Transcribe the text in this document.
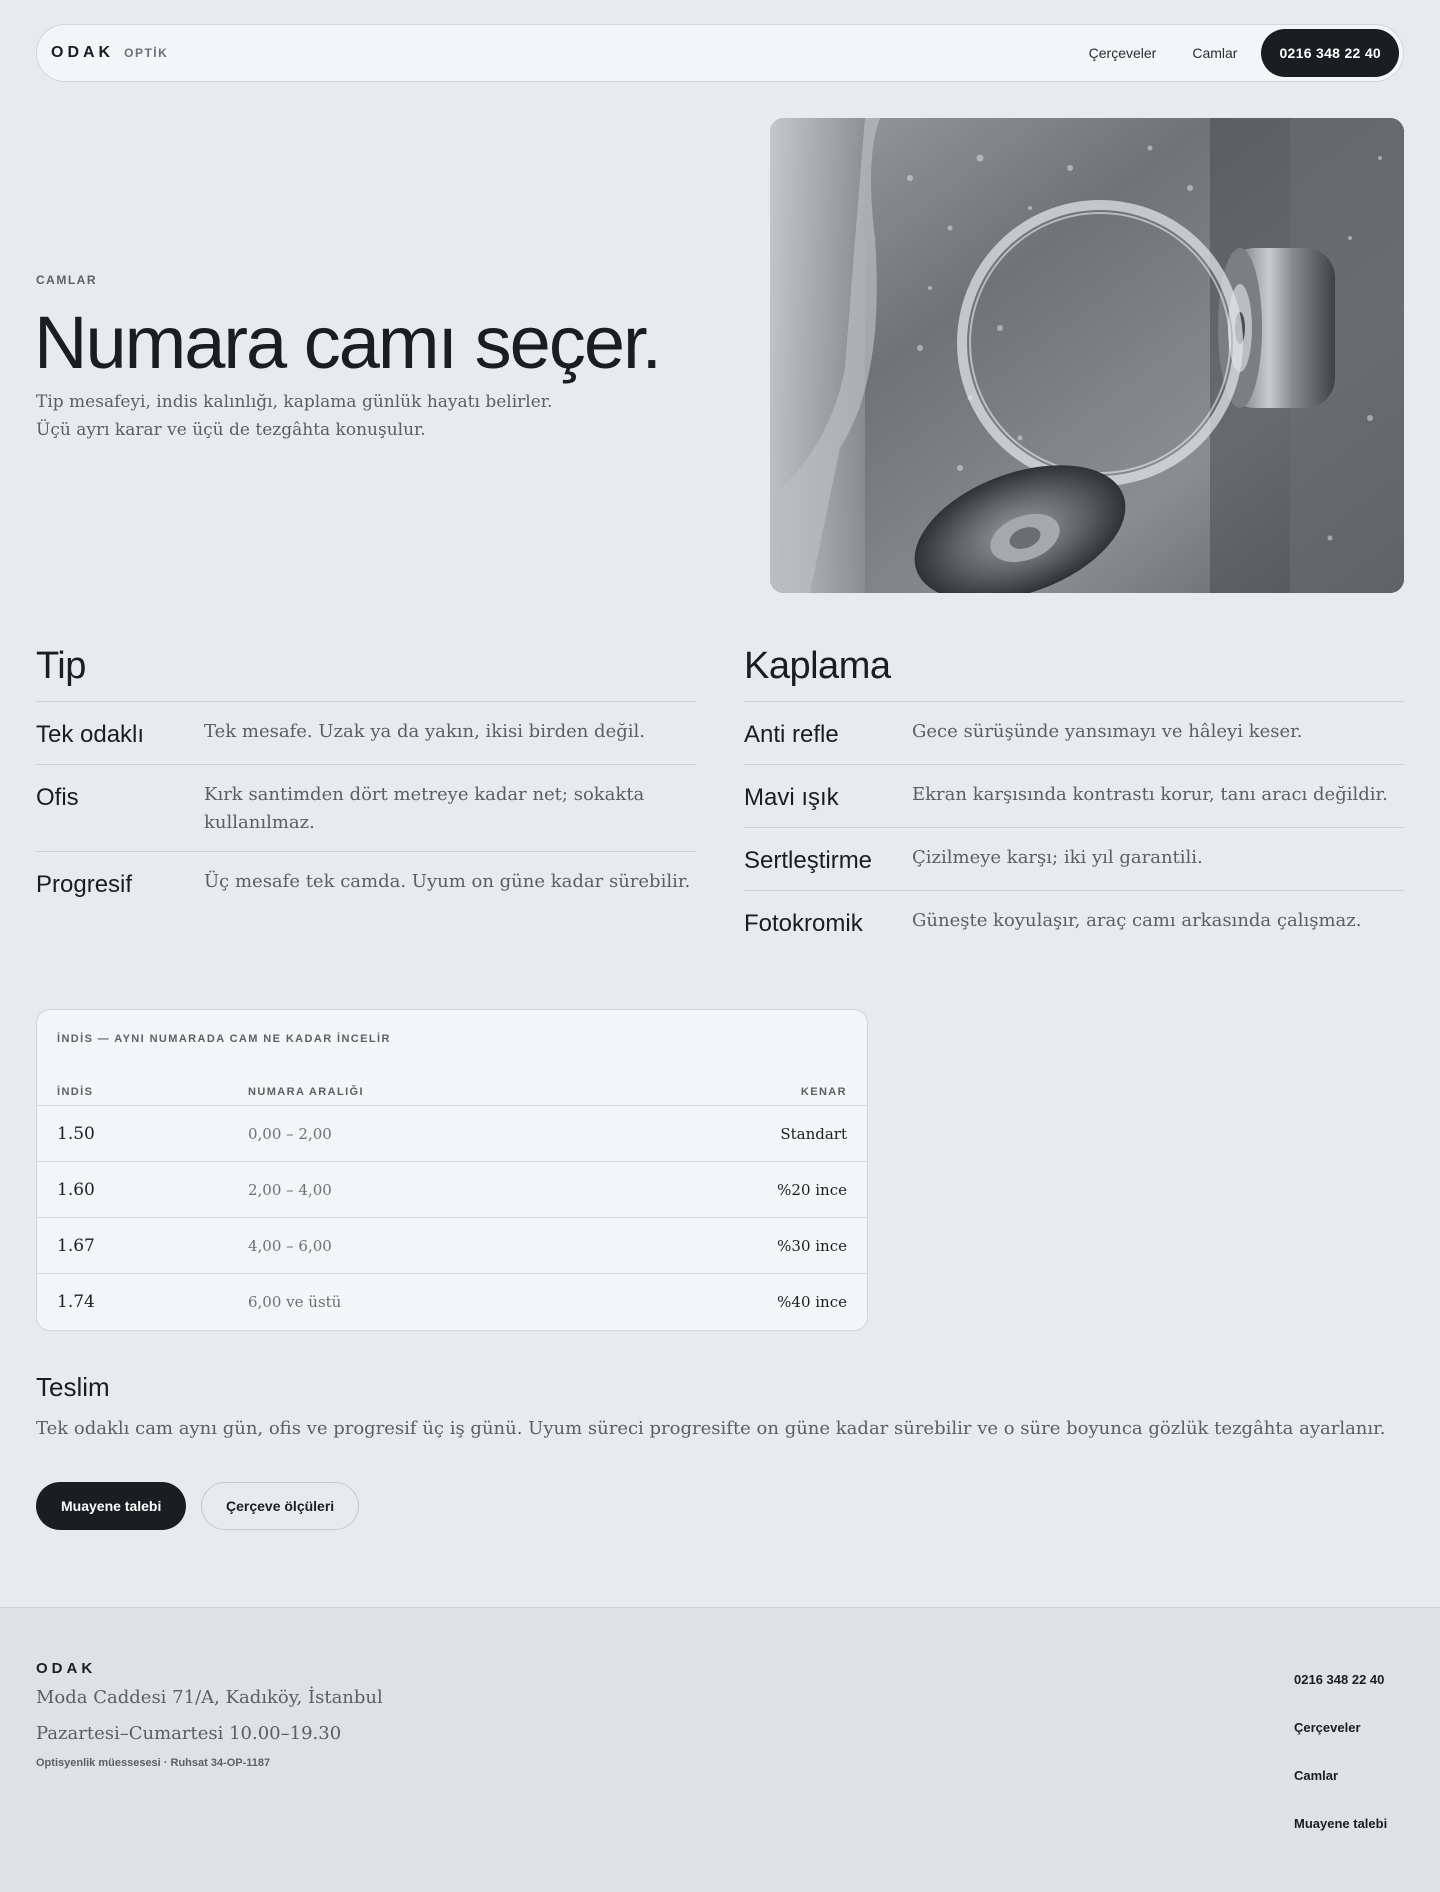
ODAK OPTİK	Çerçeveler	Camlar	0216 348 22 40
CAMLAR
Numara camı seçer.

Tip mesafeyi, indis kalınlığı, kaplama günlük hayatı belirler.
Üçü ayrı karar ve üçü de tezgâhta konuşulur.

Tip
Tek odaklı	Tek mesafe. Uzak ya da yakın, ikisi birden değil.
Ofis	Kırk santimden dört metreye kadar net; sokakta kullanılmaz.
Progresif	Üç mesafe tek camda. Uyum on güne kadar sürebilir.
Kaplama
Anti refle	Gece sürüşünde yansımayı ve hâleyi keser.
Mavi ışık	Ekran karşısında kontrastı korur, tanı aracı değildir.
Sertleştirme	Çizilmeye karşı; iki yıl garantili.
Fotokromik	Güneşte koyulaşır, araç camı arkasında çalışmaz.
İNDİS — AYNI NUMARADA CAM NE KADAR İNCELİR
İNDİS	NUMARA ARALIĞI	KENAR
1.50	0,00 – 2,00	Standart
1.60	2,00 – 4,00	%20 ince
1.67	4,00 – 6,00	%30 ince
1.74	6,00 ve üstü	%40 ince
Teslim

Tek odaklı cam aynı gün, ofis ve progresif üç iş günü. Uyum süreci progresifte on güne kadar sürebilir ve o süre boyunca gözlük tezgâhta ayarlanır.

Muayene talebi	Çerçeve ölçüleri
ODAK
Moda Caddesi 71/A, Kadıköy, İstanbul
Pazartesi–Cumartesi 10.00–19.30
Optisyenlik müessesesi · Ruhsat 34-OP-1187
0216 348 22 40
Çerçeveler
Camlar
Muayene talebi
